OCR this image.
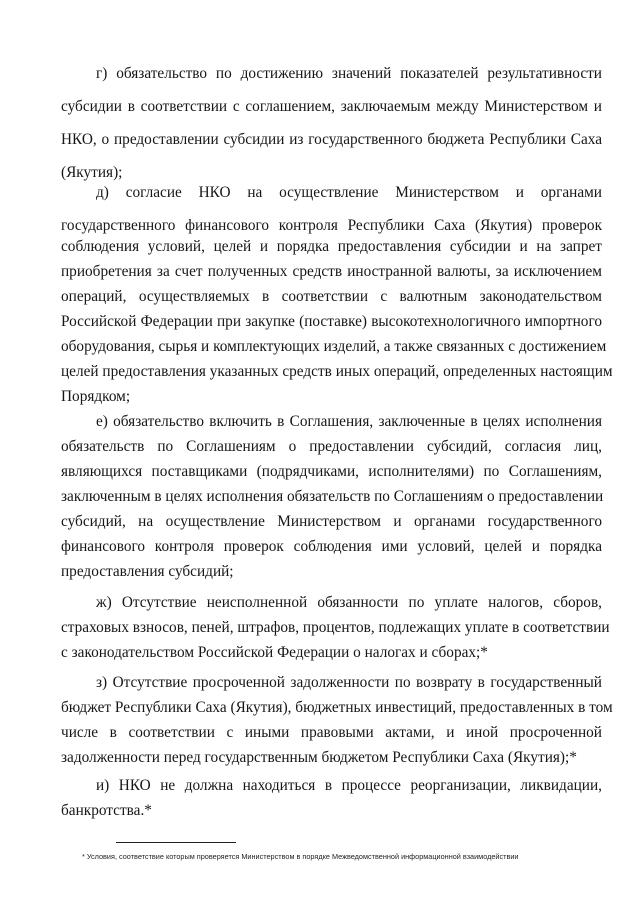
г) обязательство по достижению значений показателей результативности

субсидии в соответствии с соглашением, заключаемым между Министерством и

НКО, о предоставлении субсидии из государственного бюджета Республики Саха

(Якутия);

д) согласие НКО на осуществление Министерством и органами

государственного финансового контроля Республики Саха (Якутия) проверок

соблюдения условий, целей и порядка предоставления субсидии и на запрет

приобретения за счет полученных средств иностранной валюты, за исключением

операций, осуществляемых в соответствии с валютным законодательством

Российской Федерации при закупке (поставке) высокотехнологичного импортного

оборудования, сырья и комплектующих изделий, а также связанных с достижением

целей предоставления указанных средств иных операций, определенных настоящим

Порядком;

е) обязательство включить в Соглашения, заключенные в целях исполнения

обязательств по Соглашениям о предоставлении субсидий, согласия лиц,

являющихся поставщиками (подрядчиками, исполнителями) по Соглашениям,

заключенным в целях исполнения обязательств по Соглашениям о предоставлении

субсидий, на осуществление Министерством и органами государственного

финансового контроля проверок соблюдения ими условий, целей и порядка

предоставления субсидий;

ж) Отсутствие неисполненной обязанности по уплате налогов, сборов,

страховых взносов, пеней, штрафов, процентов, подлежащих уплате в соответствии

с законодательством Российской Федерации о налогах и сборах;*

з) Отсутствие просроченной задолженности по возврату в государственный

бюджет Республики Саха (Якутия), бюджетных инвестиций, предоставленных в том

числе в соответствии с иными правовыми актами, и иной просроченной

задолженности перед государственным бюджетом Республики Саха (Якутия);*

и) НКО не должна находиться в процессе реорганизации, ликвидации,

банкротства.*

* Условия, соответствие которым проверяется Министерством в порядке Межведомственной информационной взаимодействии
